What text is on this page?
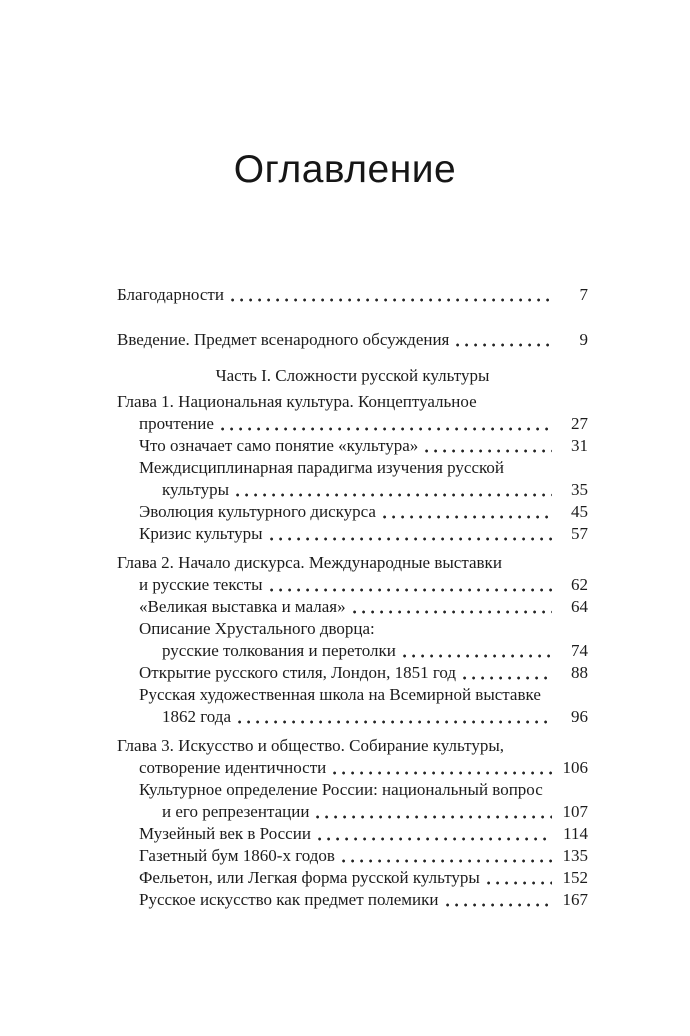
Оглавление
Благодарности	7
Введение. Предмет всенародного обсуждения	9
Часть I. Сложности русской культуры
Глава 1. Национальная культура. Концептуальное
прочтение	27
Что означает само понятие «культура»	31
Междисциплинарная парадигма изучения русской
культуры	35
Эволюция культурного дискурса	45
Кризис культуры	57
Глава 2. Начало дискурса. Международные выставки
и русские тексты	62
«Великая выставка и малая»	64
Описание Хрустального дворца:
русские толкования и перетолки	74
Открытие русского стиля, Лондон, 1851 год	88
Русская художественная школа на Всемирной выставке
1862 года	96
Глава 3. Искусство и общество. Собирание культуры,
сотворение идентичности	106
Культурное определение России: национальный вопрос
и его репрезентации	107
Музейный век в России	114
Газетный бум 1860-х годов	135
Фельетон, или Легкая форма русской культуры	152
Русское искусство как предмет полемики	167
